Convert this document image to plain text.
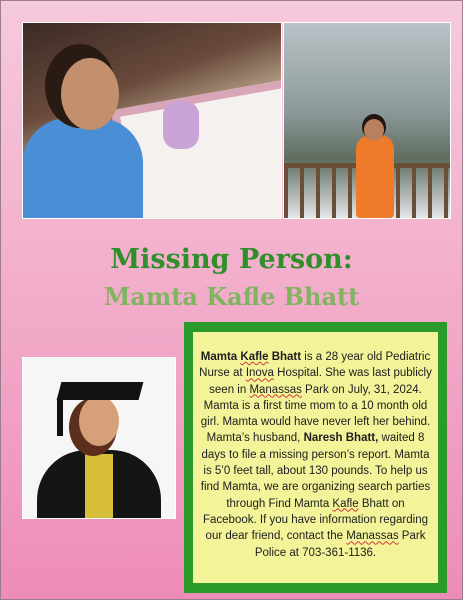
Missing Person:
Mamta Kafle Bhatt
Mamta Kafle Bhatt is a 28 year old Pediatric Nurse at Inova Hospital. She was last publicly seen in Manassas Park on July, 31, 2024. Mamta is a first time mom to a 10 month old girl. Mamta would have never left her behind. Mamta’s husband, Naresh Bhatt, waited 8 days to file a missing person’s report. Mamta is 5’0 feet tall, about 130 pounds. To help us find Mamta, we are organizing search parties through Find Mamta Kafle Bhatt on Facebook. If you have information regarding our dear friend, contact the Manassas Park Police at 703-361-1136.
